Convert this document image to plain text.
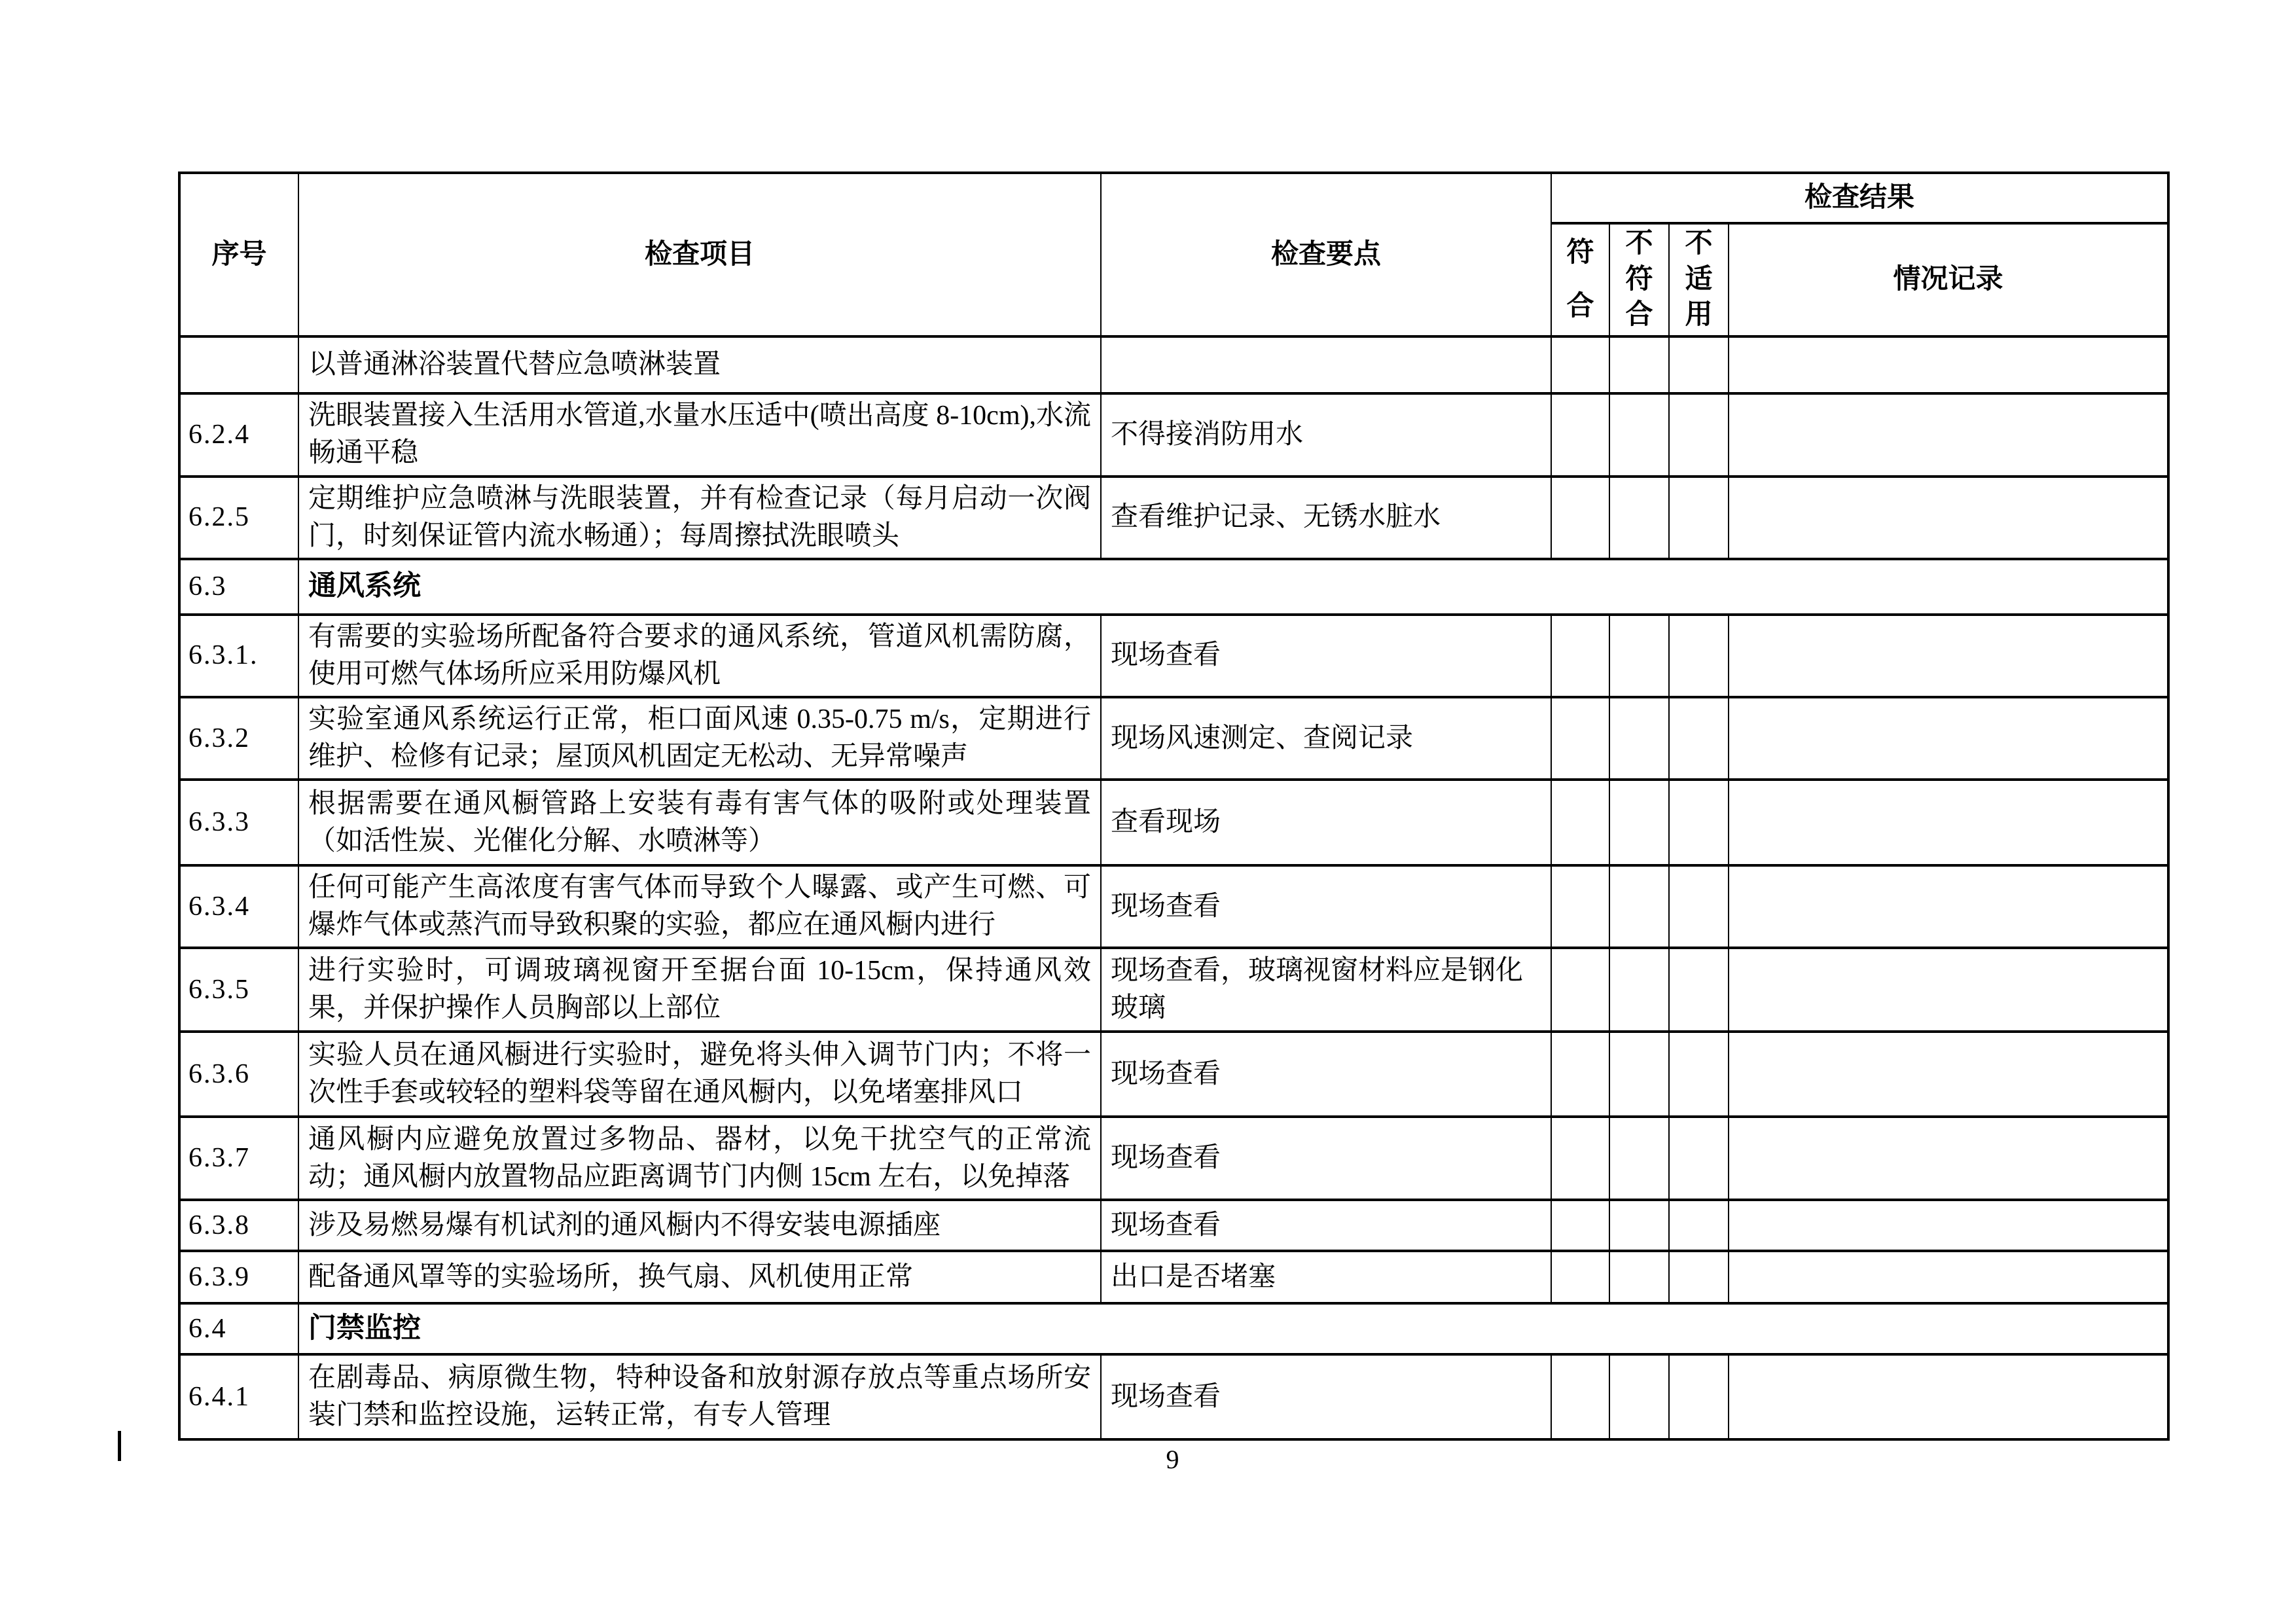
序号	检查项目	检查要点	检查结果			
			符合	不符合	不适用	情况记录
	以普通淋浴装置代替应急喷淋装置					
6.2.4	洗眼装置接入生活用水管道,水量水压适中(喷出高度 8-10cm),水流畅通平稳	不得接消防用水				
6.2.5	定期维护应急喷淋与洗眼装置，并有检查记录（每月启动一次阀门，时刻保证管内流水畅通）；每周擦拭洗眼喷头	查看维护记录、无锈水脏水				
6.3	通风系统					
6.3.1.	有需要的实验场所配备符合要求的通风系统，管道风机需防腐，使用可燃气体场所应采用防爆风机	现场查看				
6.3.2	实验室通风系统运行正常，柜口面风速 0.35-0.75 m/s，定期进行维护、检修有记录；屋顶风机固定无松动、无异常噪声	现场风速测定、查阅记录				
6.3.3	根据需要在通风橱管路上安装有毒有害气体的吸附或处理装置（如活性炭、光催化分解、水喷淋等）	查看现场				
6.3.4	任何可能产生高浓度有害气体而导致个人曝露、或产生可燃、可爆炸气体或蒸汽而导致积聚的实验，都应在通风橱内进行	现场查看				
6.3.5	进行实验时，可调玻璃视窗开至据台面 10-15cm，保持通风效果，并保护操作人员胸部以上部位	现场查看，玻璃视窗材料应是钢化玻璃				
6.3.6	实验人员在通风橱进行实验时，避免将头伸入调节门内；不将一次性手套或较轻的塑料袋等留在通风橱内，以免堵塞排风口	现场查看				
6.3.7	通风橱内应避免放置过多物品、器材，以免干扰空气的正常流动；通风橱内放置物品应距离调节门内侧 15cm 左右，以免掉落	现场查看				
6.3.8	涉及易燃易爆有机试剂的通风橱内不得安装电源插座	现场查看				
6.3.9	配备通风罩等的实验场所，换气扇、风机使用正常	出口是否堵塞				
6.4	门禁监控					
6.4.1	在剧毒品、病原微生物，特种设备和放射源存放点等重点场所安装门禁和监控设施，运转正常，有专人管理	现场查看				
9
